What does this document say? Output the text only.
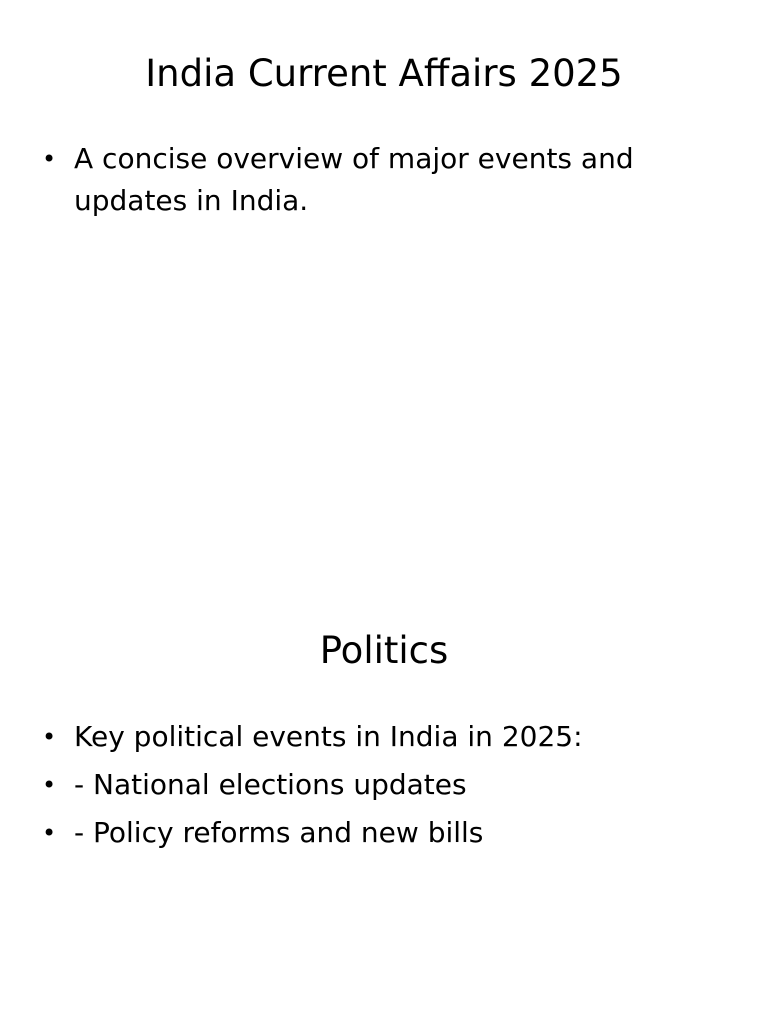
India Current Affairs 2025
• A concise overview of major events and updates in India.
Politics
• Key political events in India in 2025:
• - National elections updates
• - Policy reforms and new bills
